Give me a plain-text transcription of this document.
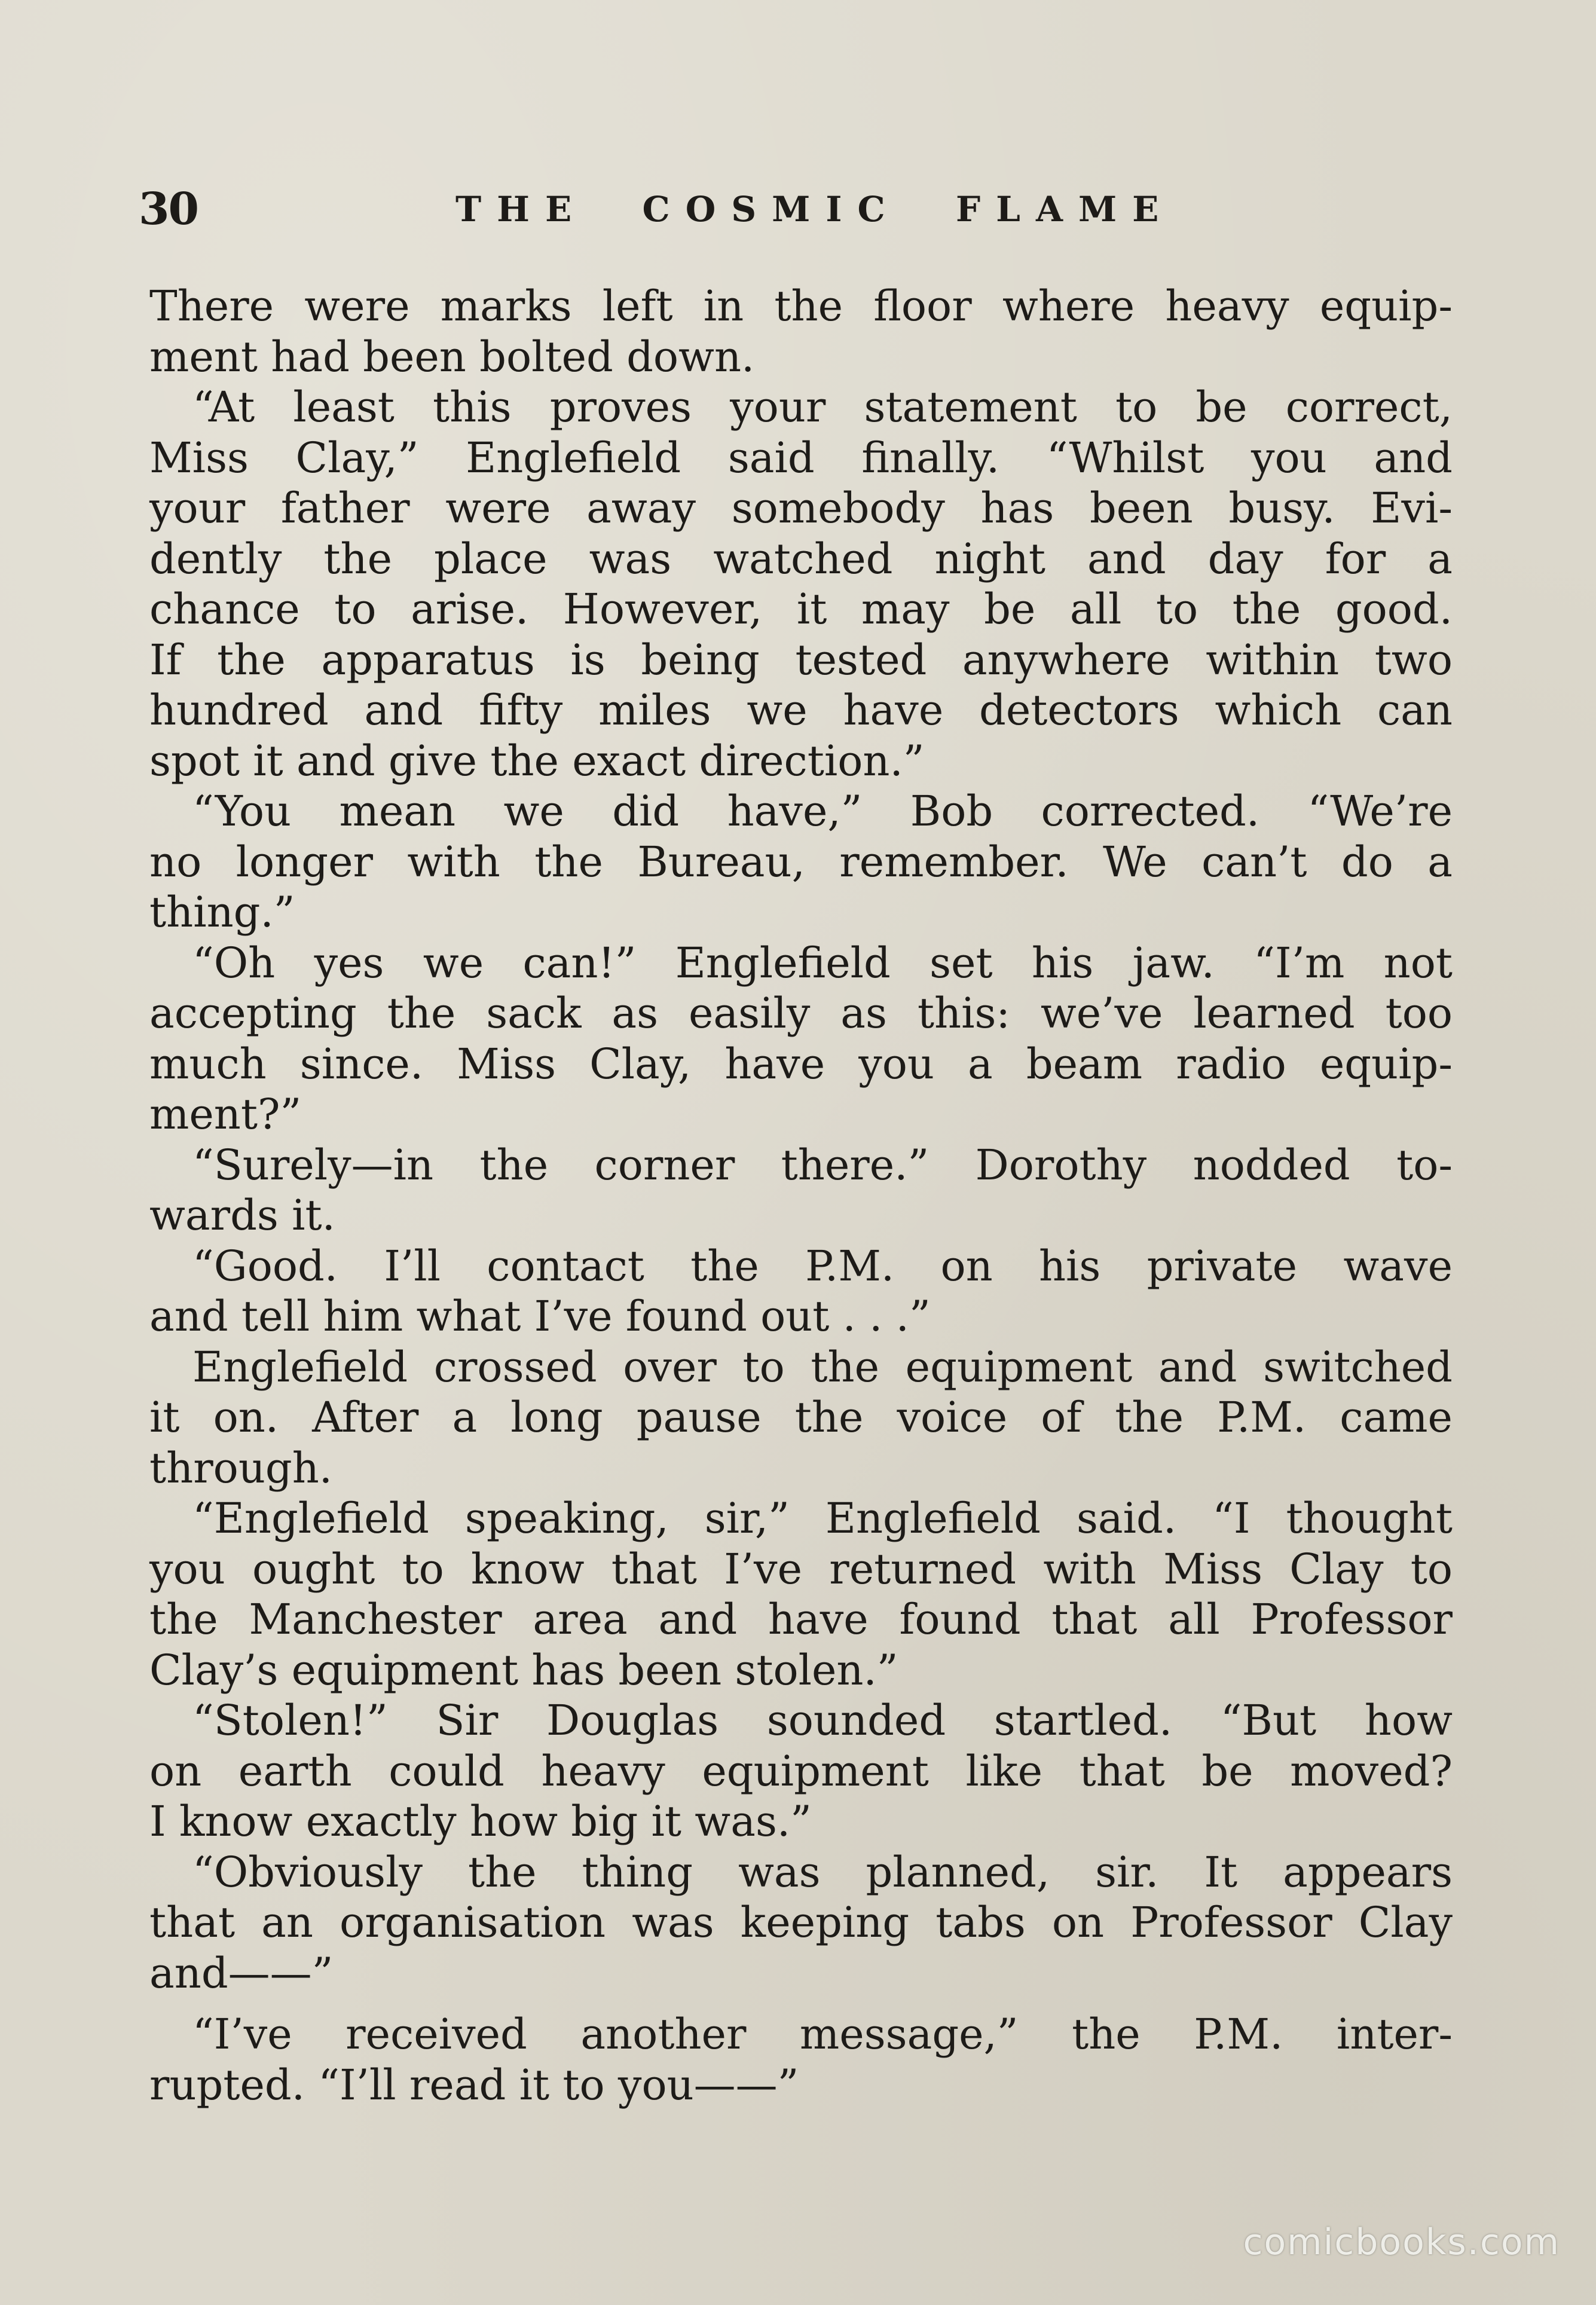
30	THE  COSMIC  FLAME
There were marks left in the floor where heavy equip-
ment had been bolted down.
“At least this proves your statement to be correct,
Miss Clay,” Englefield said finally. “Whilst you and
your father were away somebody has been busy. Evi-
dently the place was watched night and day for a
chance to arise. However, it may be all to the good.
If the apparatus is being tested anywhere within two
hundred and fifty miles we have detectors which can
spot it and give the exact direction.”
“You mean we did have,” Bob corrected. “We’re
no longer with the Bureau, remember. We can’t do a
thing.”
“Oh yes we can!” Englefield set his jaw. “I’m not
accepting the sack as easily as this: we’ve learned too
much since. Miss Clay, have you a beam radio equip-
ment?”
“Surely—in the corner there.” Dorothy nodded to-
wards it.
“Good. I’ll contact the P.M. on his private wave
and tell him what I’ve found out . . .”
Englefield crossed over to the equipment and switched
it on. After a long pause the voice of the P.M. came
through.
“Englefield speaking, sir,” Englefield said. “I thought
you ought to know that I’ve returned with Miss Clay to
the Manchester area and have found that all Professor
Clay’s equipment has been stolen.”
“Stolen!” Sir Douglas sounded startled. “But how
on earth could heavy equipment like that be moved?
I know exactly how big it was.”
“Obviously the thing was planned, sir. It appears
that an organisation was keeping tabs on Professor Clay
and——”
“I’ve received another message,” the P.M. inter-
rupted. “I’ll read it to you——”
comicbooks.com
